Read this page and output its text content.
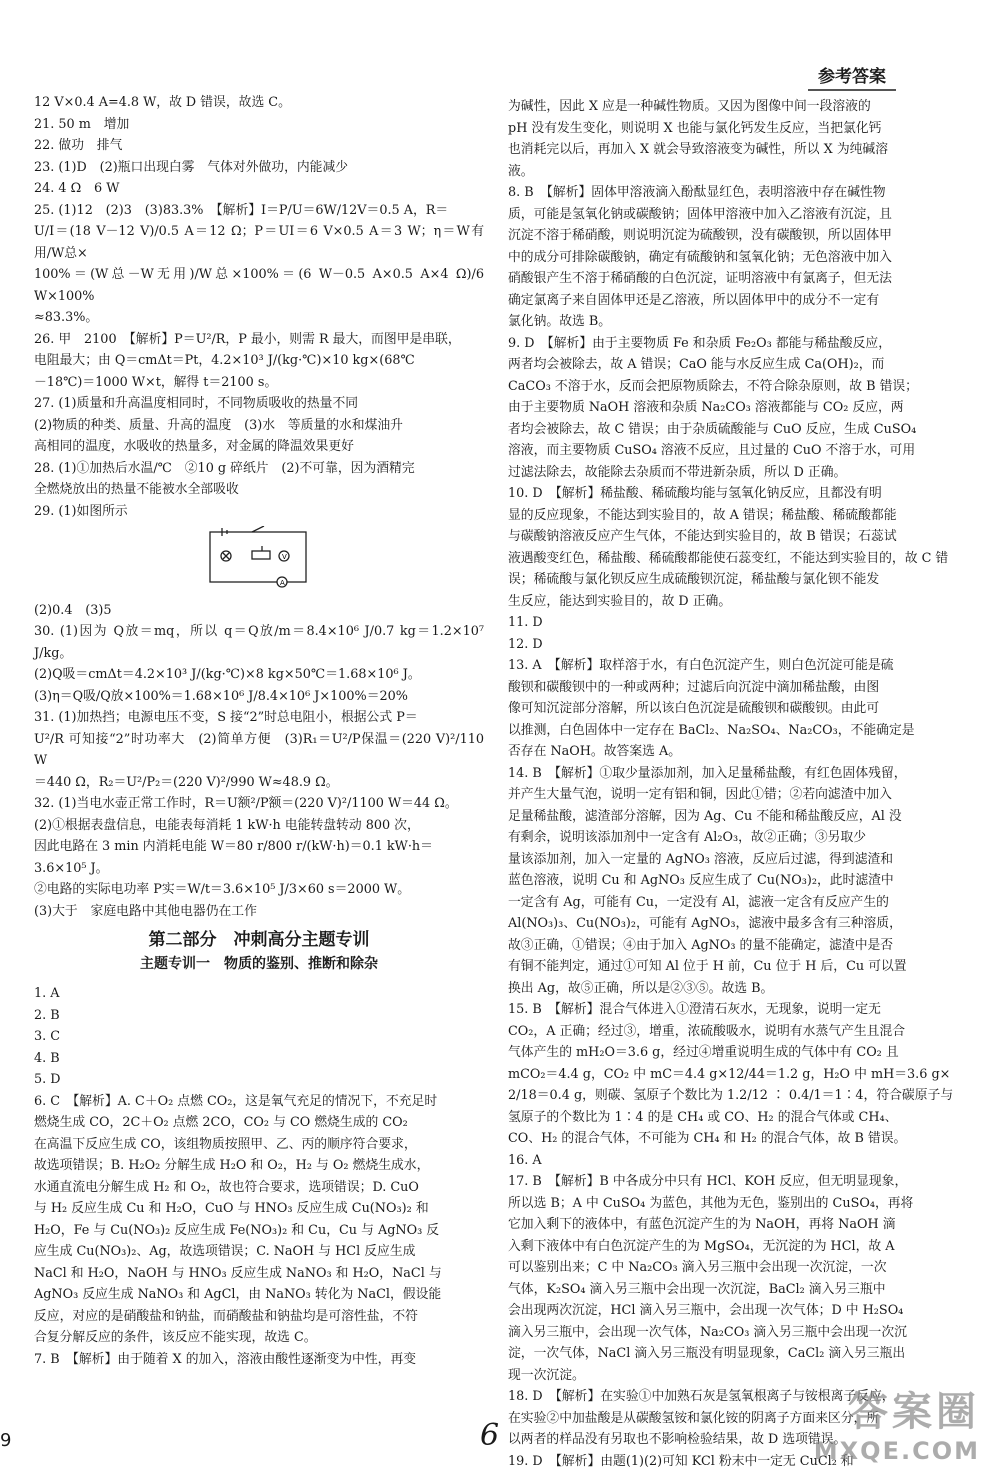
参考答案

12 V×0.4 A=4.8 W，故 D 错误，故选 C。

21. 50 m　增加

22. 做功　排气

23. (1)D　(2)瓶口出现白雾　气体对外做功，内能减少

24. 4 Ω　6 W

25. (1)12　(2)3　(3)83.3%　【解析】I＝P/U＝6W/12V＝0.5 A，R＝

U/I＝(18 V－12 V)/0.5 A＝12 Ω；P＝UI＝6 V×0.5 A＝3 W；η＝W有用/W总×

100%＝(W总－W无用)/W总×100%＝(6 W－0.5 A×0.5 A×4 Ω)/6 W×100%

≈83.3%。

26. 甲　2100　【解析】P＝U²/R，P 最小，则需 R 最大，而图甲是串联，

电阻最大；由 Q＝cmΔt＝Pt，4.2×10³ J/(kg·℃)×10 kg×(68℃

－18℃)＝1000 W×t，解得 t＝2100 s。

27. (1)质量和升高温度相同时，不同物质吸收的热量不同

(2)物质的种类、质量、升高的温度　(3)水　等质量的水和煤油升

高相同的温度，水吸收的热量多，对金属的降温效果更好

28. (1)①加热后水温/℃　②10 g 碎纸片　(2)不可靠，因为酒精完

全燃烧放出的热量不能被水全部吸收

29. (1)如图所示

A
V

(2)0.4　(3)5

30. (1)因为 Q放＝mq，所以 q＝Q放/m＝8.4×10⁶ J/0.7 kg＝1.2×10⁷ J/kg。

(2)Q吸＝cmΔt＝4.2×10³ J/(kg·℃)×8 kg×50℃＝1.68×10⁶ J。

(3)η＝Q吸/Q放×100%＝1.68×10⁶ J/8.4×10⁶ J×100%＝20%

31. (1)加热挡；电源电压不变，S 接“2”时总电阻小，根据公式 P＝

U²/R 可知接“2”时功率大　(2)简单方便　(3)R₁＝U²/P保温＝(220 V)²/110 W

＝440 Ω，R₂＝U²/P₂＝(220 V)²/990 W≈48.9 Ω。

32. (1)当电水壶正常工作时，R＝U额²/P额＝(220 V)²/1100 W＝44 Ω。

(2)①根据表盘信息，电能表每消耗 1 kW·h 电能转盘转动 800 次，

因此电路在 3 min 内消耗电能 W＝80 r/800 r/(kW·h)＝0.1 kW·h＝

3.6×10⁵ J。

②电路的实际电功率 P实＝W/t＝3.6×10⁵ J/3×60 s＝2000 W。

(3)大于　家庭电路中其他电器仍在工作

第二部分　冲刺高分主题专训
主题专训一　物质的鉴别、推断和除杂

1. A

2. B

3. C

4. B

5. D

6. C　【解析】A. C＋O₂ 点燃 CO₂，这是氧气充足的情况下，不充足时

燃烧生成 CO，2C＋O₂ 点燃 2CO，CO₂ 与 CO 燃烧生成的 CO₂

在高温下反应生成 CO，该组物质按照甲、乙、丙的顺序符合要求，

故选项错误；B. H₂O₂ 分解生成 H₂O 和 O₂，H₂ 与 O₂ 燃烧生成水，

水通直流电分解生成 H₂ 和 O₂，故也符合要求，选项错误；D. CuO

与 H₂ 反应生成 Cu 和 H₂O，CuO 与 HNO₃ 反应生成 Cu(NO₃)₂ 和

H₂O，Fe 与 Cu(NO₃)₂ 反应生成 Fe(NO₃)₂ 和 Cu，Cu 与 AgNO₃ 反

应生成 Cu(NO₃)₂、Ag，故选项错误；C. NaOH 与 HCl 反应生成

NaCl 和 H₂O，NaOH 与 HNO₃ 反应生成 NaNO₃ 和 H₂O，NaCl 与

AgNO₃ 反应生成 NaNO₃ 和 AgCl，由 NaNO₃ 转化为 NaCl，假设能

反应，对应的是硝酸盐和钠盐，而硝酸盐和钠盐均是可溶性盐，不符

合复分解反应的条件，该反应不能实现，故选 C。

7. B　【解析】由于随着 X 的加入，溶液由酸性逐渐变为中性，再变

为碱性，因此 X 应是一种碱性物质。又因为图像中间一段溶液的

pH 没有发生变化，则说明 X 也能与氯化钙发生反应，当把氯化钙

也消耗完以后，再加入 X 就会导致溶液变为碱性，所以 X 为纯碱溶

液。

8. B　【解析】固体甲溶液滴入酚酞显红色，表明溶液中存在碱性物

质，可能是氢氧化钠或碳酸钠；固体甲溶液中加入乙溶液有沉淀，且

沉淀不溶于稀硝酸，则说明沉淀为硫酸钡，没有碳酸钡，所以固体甲

中的成分可排除碳酸钠，确定有硫酸钠和氢氧化钠；无色溶液中加入

硝酸银产生不溶于稀硝酸的白色沉淀，证明溶液中有氯离子，但无法

确定氯离子来自固体甲还是乙溶液，所以固体甲中的成分不一定有

氯化钠。故选 B。

9. D　【解析】由于主要物质 Fe 和杂质 Fe₂O₃ 都能与稀盐酸反应，

两者均会被除去，故 A 错误；CaO 能与水反应生成 Ca(OH)₂，而

CaCO₃ 不溶于水，反而会把原物质除去，不符合除杂原则，故 B 错误；

由于主要物质 NaOH 溶液和杂质 Na₂CO₃ 溶液都能与 CO₂ 反应，两

者均会被除去，故 C 错误；由于杂质硫酸能与 CuO 反应，生成 CuSO₄

溶液，而主要物质 CuSO₄ 溶液不反应，且过量的 CuO 不溶于水，可用

过滤法除去，故能除去杂质而不带进新杂质，所以 D 正确。

10. D　【解析】稀盐酸、稀硫酸均能与氢氧化钠反应，且都没有明

显的反应现象，不能达到实验目的，故 A 错误；稀盐酸、稀硫酸都能

与碳酸钠溶液反应产生气体，不能达到实验目的，故 B 错误；石蕊试

液遇酸变红色，稀盐酸、稀硫酸都能使石蕊变红，不能达到实验目的，故 C 错

误；稀硫酸与氯化钡反应生成硫酸钡沉淀，稀盐酸与氯化钡不能发

生反应，能达到实验目的，故 D 正确。

11. D

12. D

13. A　【解析】取样溶于水，有白色沉淀产生，则白色沉淀可能是硫

酸钡和碳酸钡中的一种或两种；过滤后向沉淀中滴加稀盐酸，由图

像可知沉淀部分溶解，所以该白色沉淀是硫酸钡和碳酸钡。由此可

以推测，白色固体中一定存在 BaCl₂、Na₂SO₄、Na₂CO₃，不能确定是

否存在 NaOH。故答案选 A。

14. B　【解析】①取少量添加剂，加入足量稀盐酸，有红色固体残留，

并产生大量气泡，说明一定有铝和铜，因此①错；②若向滤渣中加入

足量稀盐酸，滤渣部分溶解，因为 Ag、Cu 不能和稀盐酸反应，Al 没

有剩余，说明该添加剂中一定含有 Al₂O₃，故②正确；③另取少

量该添加剂，加入一定量的 AgNO₃ 溶液，反应后过滤，得到滤渣和

蓝色溶液，说明 Cu 和 AgNO₃ 反应生成了 Cu(NO₃)₂，此时滤渣中

一定含有 Ag，可能有 Cu，一定没有 Al，滤液一定含有反应产生的

Al(NO₃)₃、Cu(NO₃)₂，可能有 AgNO₃，滤液中最多含有三种溶质，

故③正确，①错误；④由于加入 AgNO₃ 的量不能确定，滤渣中是否

有铜不能判定，通过①可知 Al 位于 H 前，Cu 位于 H 后，Cu 可以置

换出 Ag，故⑤正确，所以是②③⑤。故选 B。

15. B　【解析】混合气体进入①澄清石灰水，无现象，说明一定无

CO₂，A 正确；经过③，增重，浓硫酸吸水，说明有水蒸气产生且混合

气体产生的 mH₂O＝3.6 g，经过④增重说明生成的气体中有 CO₂ 且

mCO₂＝4.4 g，CO₂ 中 mC＝4.4 g×12/44＝1.2 g，H₂O 中 mH＝3.6 g×

2/18＝0.4 g，则碳、氢原子个数比为 1.2/12 ∶ 0.4/1＝1∶4，符合碳原子与

氢原子的个数比为 1∶4 的是 CH₄ 或 CO、H₂ 的混合气体或 CH₄、

CO、H₂ 的混合气体，不可能为 CH₄ 和 H₂ 的混合气体，故 B 错误。

16. A

17. B　【解析】B 中各成分中只有 HCl、KOH 反应，但无明显现象，

所以选 B；A 中 CuSO₄ 为蓝色，其他为无色，鉴别出的 CuSO₄，再将

它加入剩下的液体中，有蓝色沉淀产生的为 NaOH，再将 NaOH 滴

入剩下液体中有白色沉淀产生的为 MgSO₄，无沉淀的为 HCl，故 A

可以鉴别出来；C 中 Na₂CO₃ 滴入另三瓶中会出现一次沉淀，一次

气体，K₂SO₄ 滴入另三瓶中会出现一次沉淀，BaCl₂ 滴入另三瓶中

会出现两次沉淀，HCl 滴入另三瓶中，会出现一次气体；D 中 H₂SO₄

滴入另三瓶中，会出现一次气体，Na₂CO₃ 滴入另三瓶中会出现一次沉

淀，一次气体，NaCl 滴入另三瓶没有明显现象，CaCl₂ 滴入另三瓶出

现一次沉淀。

18. D　【解析】在实验①中加熟石灰是氢氧根离子与铵根离子反应，

在实验②中加盐酸是从碳酸氢铵和氯化铵的阴离子方面来区分，所

以两者的样品没有另取也不影响检验结果，故 D 选项错误。

19. D　【解析】由题(1)(2)可知 KCl 粉末中一定无 CuCl₂ 和

9	6
答案圈
MXQE.COM
